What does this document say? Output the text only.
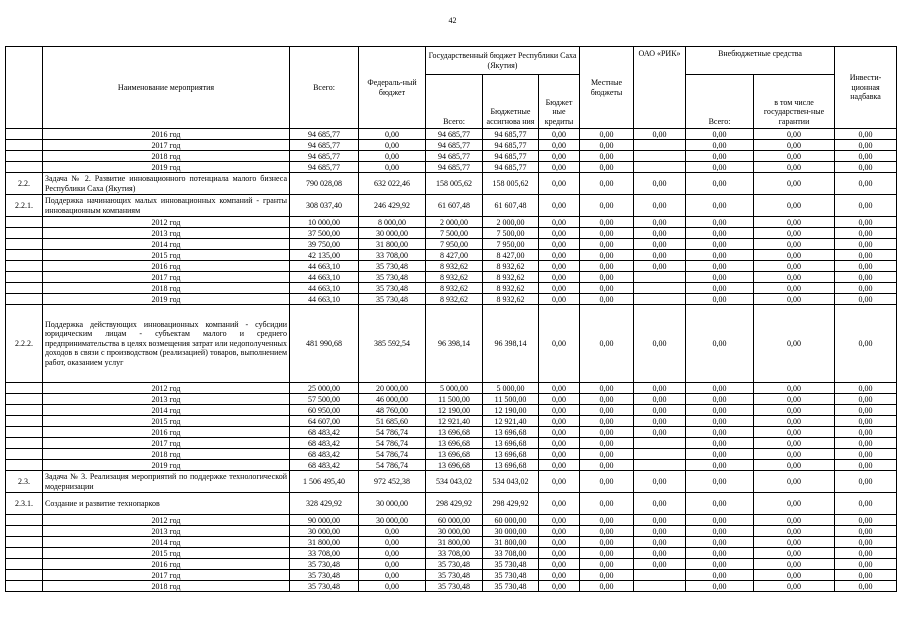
42
	Наименование мероприятия	Всего:	Федераль-ный бюджет	Государственный бюджет Республики Саха (Якутия)			Местные бюджеты	ОАО «РИК»	Внебюджетные средства		Инвести-ционная надбавка
				Всего:	Бюджетные ассигнова ния	Бюджет ные кредиты			Всего:	в том числе государствен-ные гарантии	
	2016 год	94 685,77	0,00	94 685,77	94 685,77	0,00	0,00	0,00	0,00	0,00	0,00
	2017 год	94 685,77	0,00	94 685,77	94 685,77	0,00	0,00		0,00	0,00	0,00
	2018 год	94 685,77	0,00	94 685,77	94 685,77	0,00	0,00		0,00	0,00	0,00
	2019 год	94 685,77	0,00	94 685,77	94 685,77	0,00	0,00		0,00	0,00	0,00
2.2.	Задача № 2. Развитие инновационного потенциала малого бизнеса Республики Саха (Якутия)	790 028,08	632 022,46	158 005,62	158 005,62	0,00	0,00	0,00	0,00	0,00	0,00
2.2.1.	Поддержка начинающих малых инновационных компаний - гранты инновационным компаниям	308 037,40	246 429,92	61 607,48	61 607,48	0,00	0,00	0,00	0,00	0,00	0,00
	2012 год	10 000,00	8 000,00	2 000,00	2 000,00	0,00	0,00	0,00	0,00	0,00	0,00
	2013 год	37 500,00	30 000,00	7 500,00	7 500,00	0,00	0,00	0,00	0,00	0,00	0,00
	2014 год	39 750,00	31 800,00	7 950,00	7 950,00	0,00	0,00	0,00	0,00	0,00	0,00
	2015 год	42 135,00	33 708,00	8 427,00	8 427,00	0,00	0,00	0,00	0,00	0,00	0,00
	2016 год	44 663,10	35 730,48	8 932,62	8 932,62	0,00	0,00	0,00	0,00	0,00	0,00
	2017 год	44 663,10	35 730,48	8 932,62	8 932,62	0,00	0,00		0,00	0,00	0,00
	2018 год	44 663,10	35 730,48	8 932,62	8 932,62	0,00	0,00		0,00	0,00	0,00
	2019 год	44 663,10	35 730,48	8 932,62	8 932,62	0,00	0,00		0,00	0,00	0,00
2.2.2.	Поддержка действующих инновационных компаний - субсидии юридическим лицам - субъектам малого и среднего предпринимательства в целях возмещения затрат или недополученных доходов в связи с производством (реализацией) товаров, выполнением работ, оказанием услуг	481 990,68	385 592,54	96 398,14	96 398,14	0,00	0,00	0,00	0,00	0,00	0,00
	2012 год	25 000,00	20 000,00	5 000,00	5 000,00	0,00	0,00	0,00	0,00	0,00	0,00
	2013 год	57 500,00	46 000,00	11 500,00	11 500,00	0,00	0,00	0,00	0,00	0,00	0,00
	2014 год	60 950,00	48 760,00	12 190,00	12 190,00	0,00	0,00	0,00	0,00	0,00	0,00
	2015 год	64 607,00	51 685,60	12 921,40	12 921,40	0,00	0,00	0,00	0,00	0,00	0,00
	2016 год	68 483,42	54 786,74	13 696,68	13 696,68	0,00	0,00	0,00	0,00	0,00	0,00
	2017 год	68 483,42	54 786,74	13 696,68	13 696,68	0,00	0,00		0,00	0,00	0,00
	2018 год	68 483,42	54 786,74	13 696,68	13 696,68	0,00	0,00		0,00	0,00	0,00
	2019 год	68 483,42	54 786,74	13 696,68	13 696,68	0,00	0,00		0,00	0,00	0,00
2.3.	Задача № 3. Реализация мероприятий по поддержке технологической модернизации	1 506 495,40	972 452,38	534 043,02	534 043,02	0,00	0,00	0,00	0,00	0,00	0,00
2.3.1.	Создание и развитие технопарков	328 429,92	30 000,00	298 429,92	298 429,92	0,00	0,00	0,00	0,00	0,00	0,00
	2012 год	90 000,00	30 000,00	60 000,00	60 000,00	0,00	0,00	0,00	0,00	0,00	0,00
	2013 год	30 000,00	0,00	30 000,00	30 000,00	0,00	0,00	0,00	0,00	0,00	0,00
	2014 год	31 800,00	0,00	31 800,00	31 800,00	0,00	0,00	0,00	0,00	0,00	0,00
	2015 год	33 708,00	0,00	33 708,00	33 708,00	0,00	0,00	0,00	0,00	0,00	0,00
	2016 год	35 730,48	0,00	35 730,48	35 730,48	0,00	0,00	0,00	0,00	0,00	0,00
	2017 год	35 730,48	0,00	35 730,48	35 730,48	0,00	0,00		0,00	0,00	0,00
	2018 год	35 730,48	0,00	35 730,48	35 730,48	0,00	0,00		0,00	0,00	0,00
